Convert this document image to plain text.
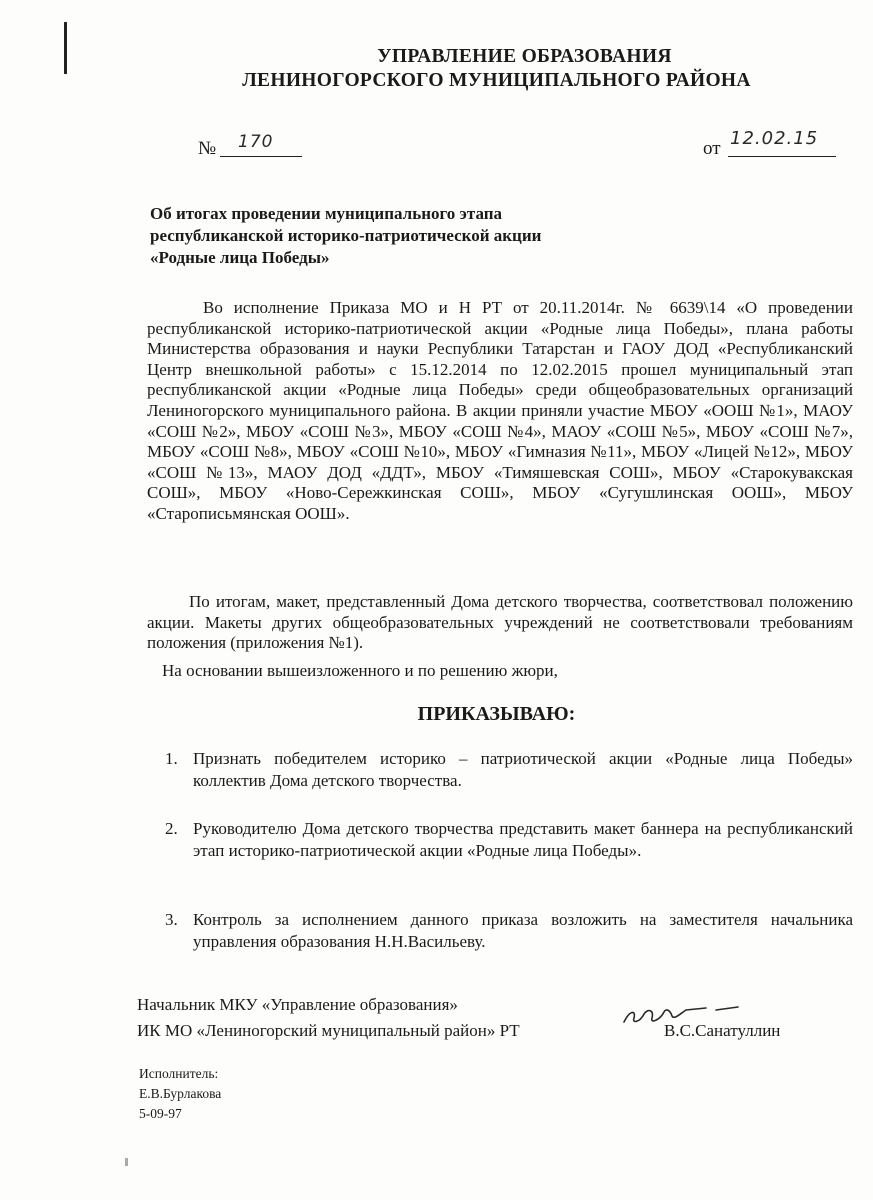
УПРАВЛЕНИЕ ОБРАЗОВАНИЯ
ЛЕНИНОГОРСКОГО МУНИЦИПАЛЬНОГО РАЙОНА
№ 170	от 12.02.15
Об итогах проведении муниципального этапа
республиканской историко-патриотической акции
«Родные лица Победы»
Во исполнение Приказа МО и Н РТ от 20.11.2014г. № 6639\14 «О проведении республиканской историко-патриотической акции «Родные лица Победы», плана работы Министерства образования и науки Республики Татарстан и ГАОУ ДОД «Республиканский Центр внешкольной работы» с 15.12.2014 по 12.02.2015 прошел муниципальный этап республиканской акции «Родные лица Победы» среди общеобразовательных организаций Лениногорского муниципального района. В акции приняли участие МБОУ «ООШ №1», МАОУ «СОШ №2», МБОУ «СОШ №3», МБОУ «СОШ №4», МАОУ «СОШ №5», МБОУ «СОШ №7», МБОУ «СОШ №8», МБОУ «СОШ №10», МБОУ «Гимназия №11», МБОУ «Лицей №12», МБОУ «СОШ №13», МАОУ ДОД «ДДТ», МБОУ «Тимяшевская СОШ», МБОУ «Старокувакская СОШ», МБОУ «Ново-Сережкинская СОШ», МБОУ «Сугушлинская ООШ», МБОУ «Старописьмянская ООШ».
По итогам, макет, представленный Дома детского творчества, соответствовал положению акции. Макеты других общеобразовательных учреждений не соответствовали требованиям положения (приложения №1).
На основании вышеизложенного и по решению жюри,
ПРИКАЗЫВАЮ:
1. Признать победителем историко – патриотической акции «Родные лица Победы» коллектив Дома детского творчества.
2. Руководителю Дома детского творчества представить макет баннера на республиканский этап историко-патриотической акции «Родные лица Победы».
3. Контроль за исполнением данного приказа возложить на заместителя начальника управления образования Н.Н.Васильеву.
Начальник МКУ «Управление образования»
ИК МО «Лениногорский муниципальный район» РТ	В.С.Санатуллин
Исполнитель:
Е.В.Бурлакова
5-09-97
